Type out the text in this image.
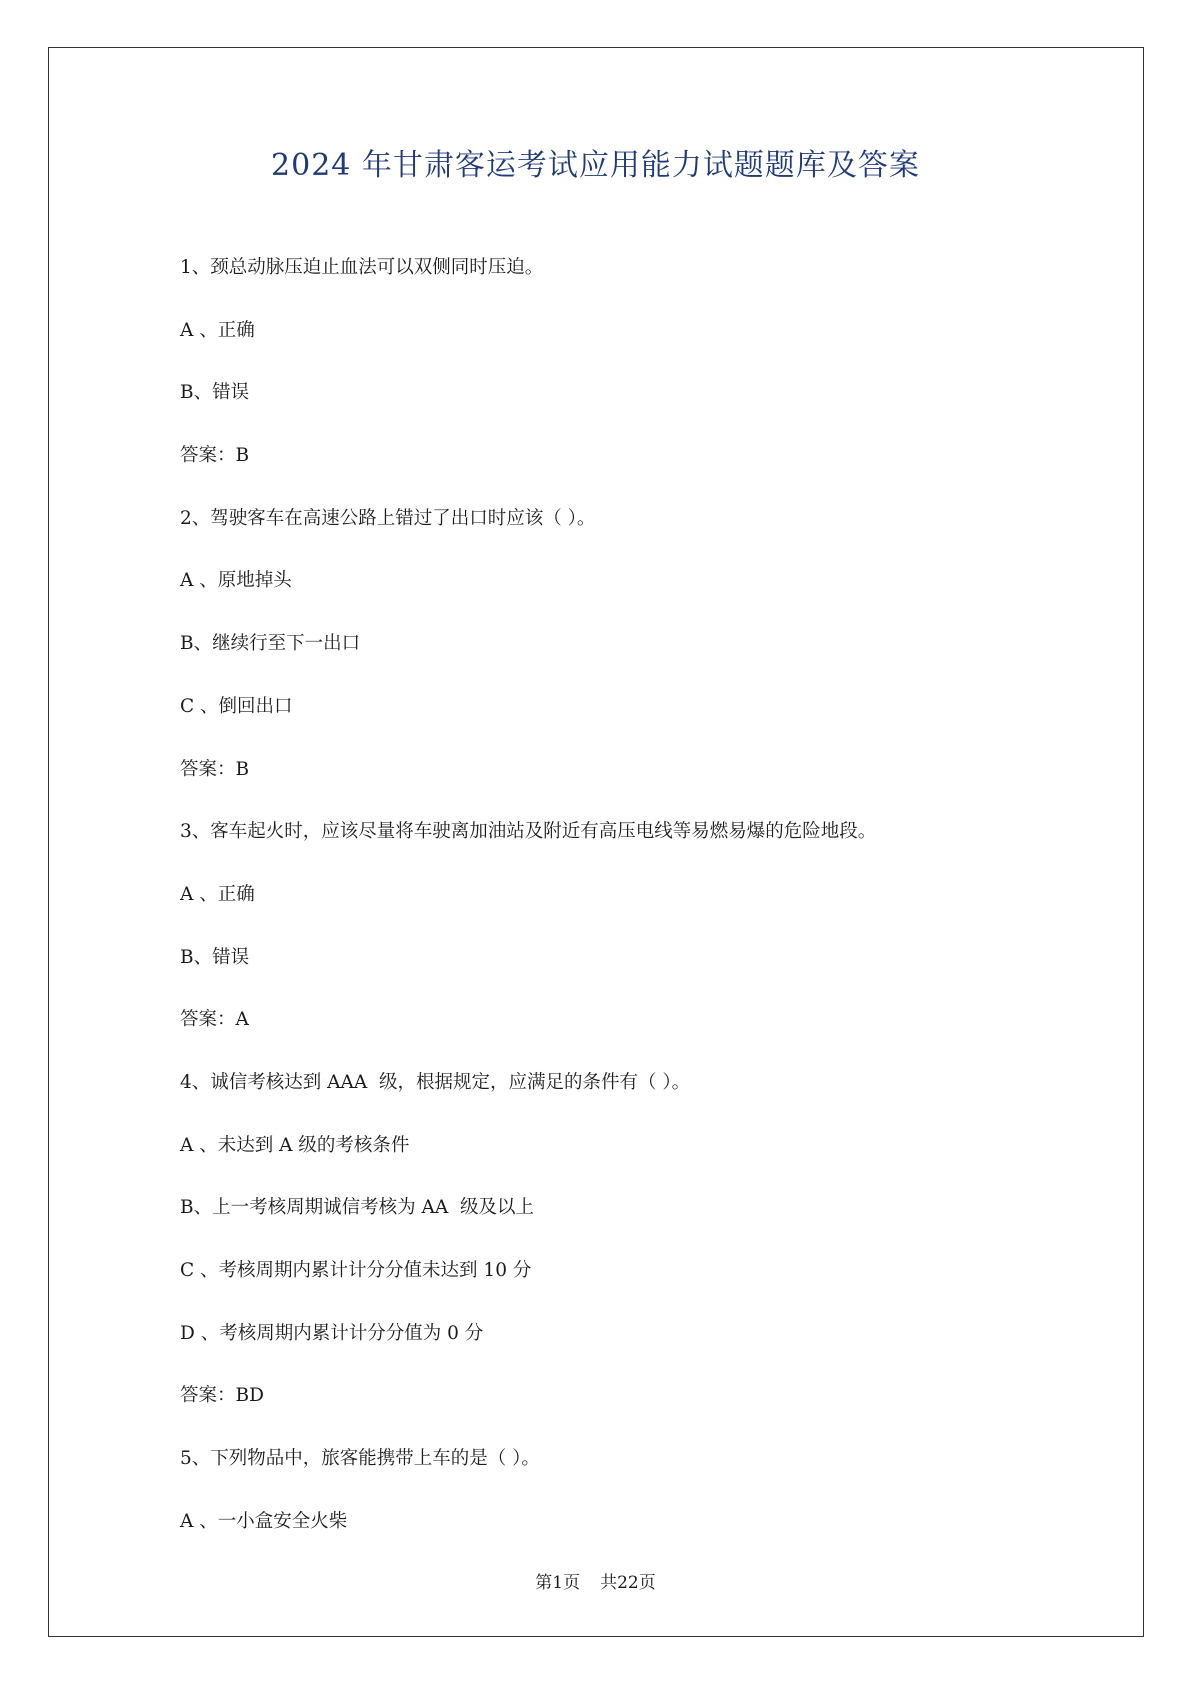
2024 年甘肃客运考试应用能力试题题库及答案
1、颈总动脉压迫止血法可以双侧同时压迫。
A 、正确
B、错误
答案：B
2、驾驶客车在高速公路上错过了出口时应该（ ）。
A 、原地掉头
B、继续行至下一出口
C 、倒回出口
答案：B
3、客车起火时，应该尽量将车驶离加油站及附近有高压电线等易燃易爆的危险地段。
A 、正确
B、错误
答案：A
4、诚信考核达到 AAA  级，根据规定，应满足的条件有（ ）。
A 、未达到 A 级的考核条件
B、上一考核周期诚信考核为 AA  级及以上
C 、考核周期内累计计分分值未达到 10 分
D 、考核周期内累计计分分值为 0 分
答案：BD
5、下列物品中，旅客能携带上车的是（ ）。
A 、一小盒安全火柴
第1页 共22页
